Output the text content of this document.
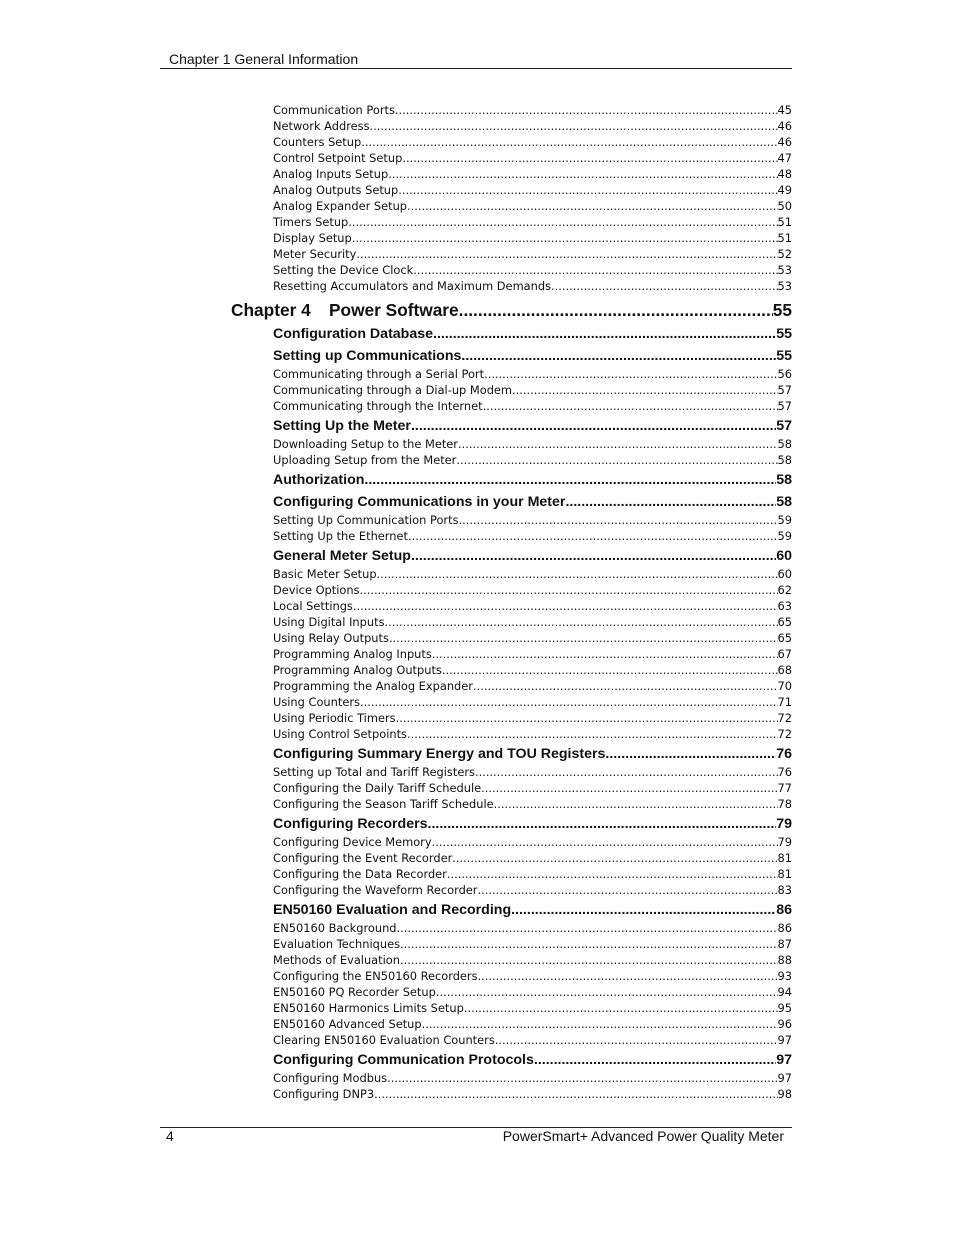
Chapter 1 General Information
Communication Ports .....	45
Network Address .....	46
Counters Setup .....	46
Control Setpoint Setup .....	47
Analog Inputs Setup .....	48
Analog Outputs Setup .....	49
Analog Expander Setup .....	50
Timers Setup .....	51
Display Setup .....	51
Meter Security .....	52
Setting the Device Clock .....	53
Resetting Accumulators and Maximum Demands .....	53
Chapter 4	Power Software .....	55
Configuration Database .....	55
Setting up Communications .....	55
Communicating through a Serial Port .....	56
Communicating through a Dial-up Modem .....	57
Communicating through the Internet .....	57
Setting Up the Meter .....	57
Downloading Setup to the Meter .....	58
Uploading Setup from the Meter .....	58
Authorization .....	58
Configuring Communications in your Meter .....	58
Setting Up Communication Ports .....	59
Setting Up the Ethernet .....	59
General Meter Setup .....	60
Basic Meter Setup .....	60
Device Options .....	62
Local Settings .....	63
Using Digital Inputs .....	65
Using Relay Outputs .....	65
Programming Analog Inputs .....	67
Programming Analog Outputs .....	68
Programming the Analog Expander .....	70
Using Counters .....	71
Using Periodic Timers .....	72
Using Control Setpoints .....	72
Configuring Summary Energy and TOU Registers .....	76
Setting up Total and Tariff Registers .....	76
Configuring the Daily Tariff Schedule .....	77
Configuring the Season Tariff Schedule .....	78
Configuring Recorders .....	79
Configuring Device Memory .....	79
Configuring the Event Recorder .....	81
Configuring the Data Recorder .....	81
Configuring the Waveform Recorder .....	83
EN50160 Evaluation and Recording .....	86
EN50160 Background .....	86
Evaluation Techniques .....	87
Methods of Evaluation .....	88
Configuring the EN50160 Recorders .....	93
EN50160 PQ Recorder Setup .....	94
EN50160 Harmonics Limits Setup .....	95
EN50160 Advanced Setup .....	96
Clearing EN50160 Evaluation Counters .....	97
Configuring Communication Protocols .....	97
Configuring Modbus .....	97
Configuring DNP3 .....	98
4	PowerSmart+ Advanced Power Quality Meter
